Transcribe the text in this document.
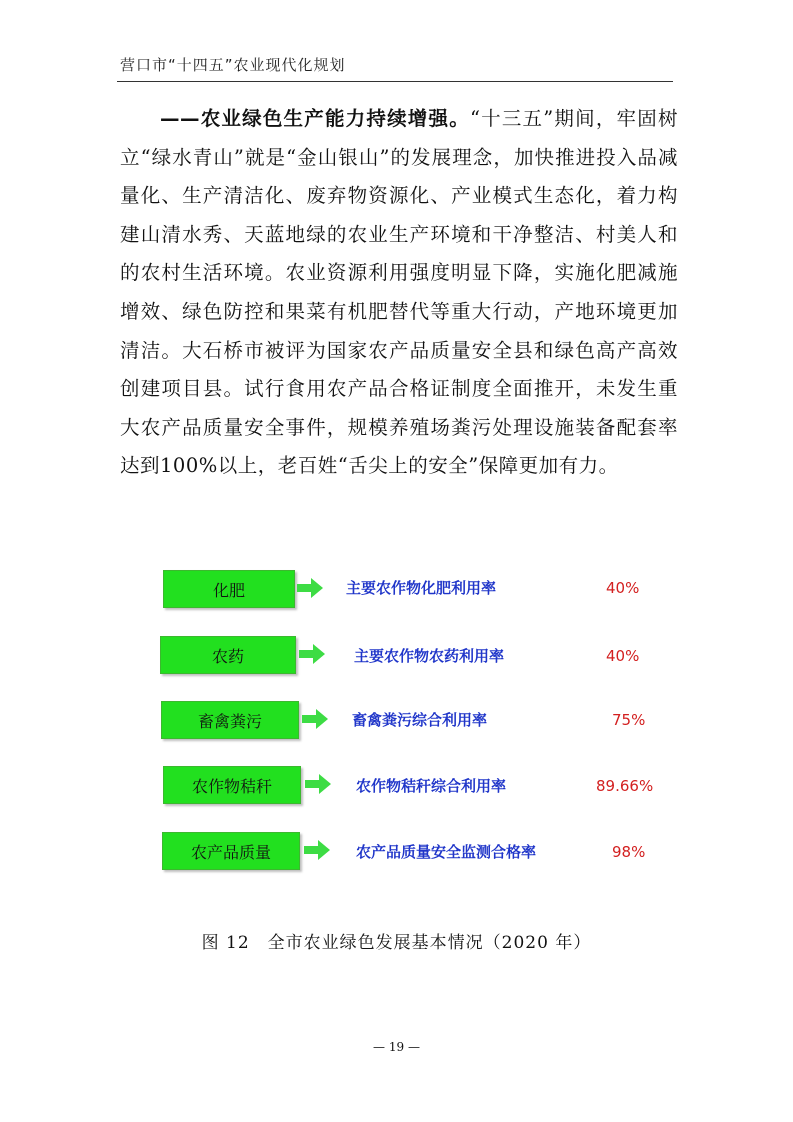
营口市“十四五”农业现代化规划
  ——农业绿色生产能力持续增强。“十三五”期间，牢固树立“绿水青山”就是“金山银山”的发展理念，加快推进投入品减量化、生产清洁化、废弃物资源化、产业模式生态化，着力构建山清水秀、天蓝地绿的农业生产环境和干净整洁、村美人和的农村生活环境。农业资源利用强度明显下降，实施化肥减施增效、绿色防控和果菜有机肥替代等重大行动，产地环境更加清洁。大石桥市被评为国家农产品质量安全县和绿色高产高效创建项目县。试行食用农产品合格证制度全面推开，未发生重大农产品质量安全事件，规模养殖场粪污处理设施装备配套率达到100%以上，老百姓“舌尖上的安全”保障更加有力。
化肥	主要农作物化肥利用率	40%
农药	主要农作物农药利用率	40%
畜禽粪污	畜禽粪污综合利用率	75%
农作物秸秆	农作物秸秆综合利用率	89.66%
农产品质量	农产品质量安全监测合格率	98%
图 12　全市农业绿色发展基本情况（2020 年）
— 19 —
